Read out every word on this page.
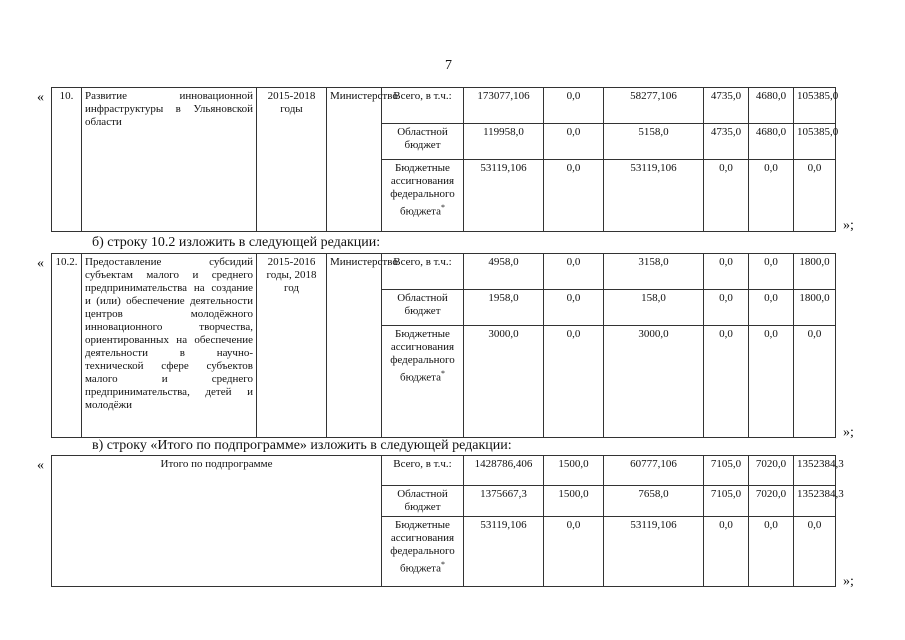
7
« 10.	Развитие инновационной инфраструктуры в Ульяновской области	2015-2018 годы	Министерство	Всего, в т.ч.:	173077,106	0,0	58277,106	4735,0	4680,0	105385,0
				Областной бюджет	119958,0	0,0	5158,0	4735,0	4680,0	105385,0
				Бюджетные ассигнования федерального бюджета*	53119,106	0,0	53119,106	0,0	0,0	0,0
»;
б) строку 10.2 изложить в следующей редакции:
« 10.2.	Предоставление субсидий субъектам малого и среднего предпринимательства на создание и (или) обеспечение деятельности центров молодёжного инновационного творчества, ориентированных на обеспечение деятельности в научно-технической сфере субъектов малого и среднего предпринимательства, детей и молодёжи	2015-2016 годы, 2018 год	Министерство	Всего, в т.ч.:	4958,0	0,0	3158,0	0,0	0,0	1800,0
				Областной бюджет	1958,0	0,0	158,0	0,0	0,0	1800,0
				Бюджетные ассигнования федерального бюджета*	3000,0	0,0	3000,0	0,0	0,0	0,0
»;
в) строку «Итого по подпрограмме» изложить в следующей редакции:
«	Итого по подпрограмме	Всего, в т.ч.:	1428786,406	1500,0	60777,106	7105,0	7020,0	1352384,3
	Областной бюджет	1375667,3	1500,0	7658,0	7105,0	7020,0	1352384,3
	Бюджетные ассигнования федерального бюджета*	53119,106	0,0	53119,106	0,0	0,0	0,0
»;
